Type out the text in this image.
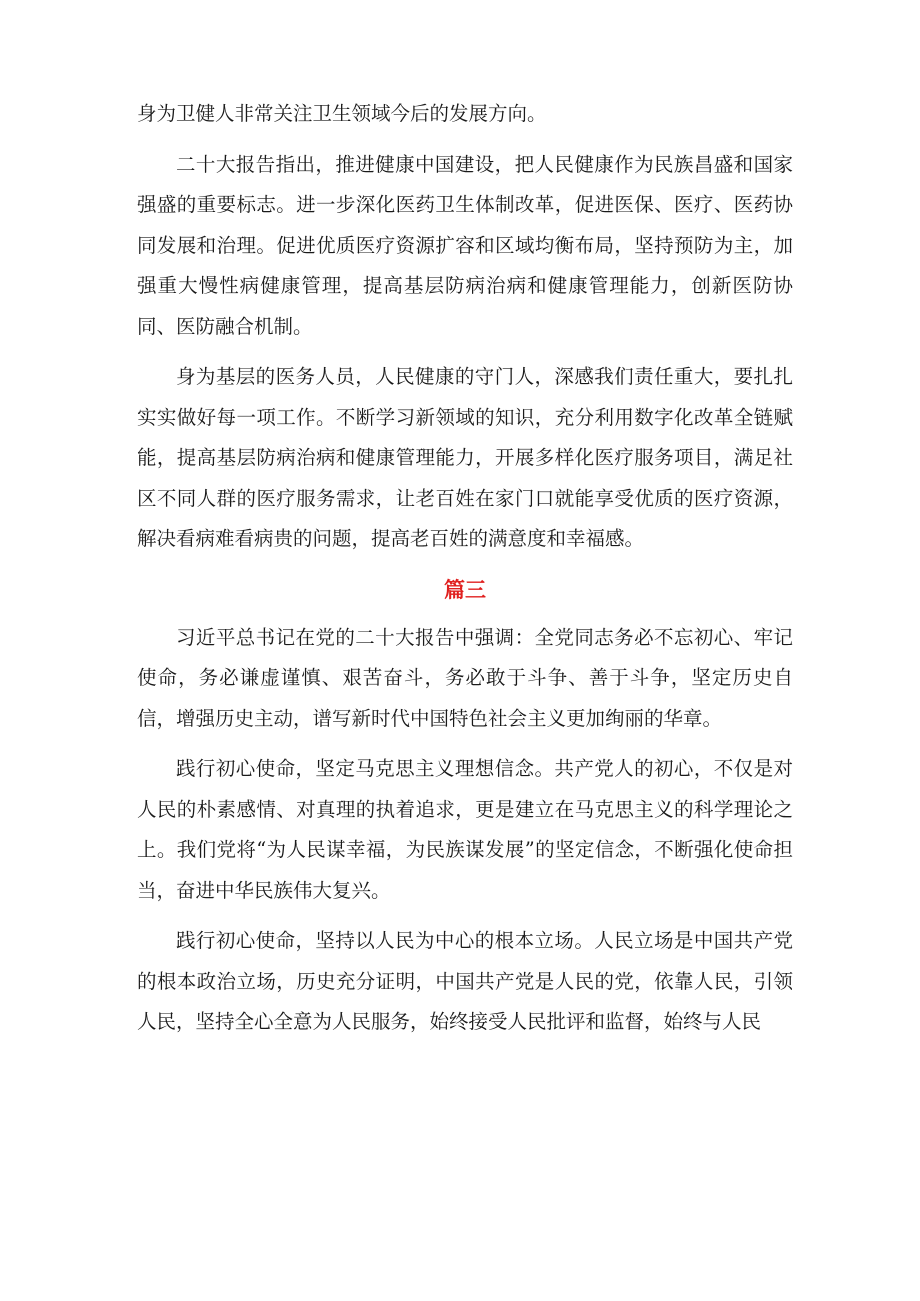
身为卫健人非常关注卫生领域今后的发展方向。

二十大报告指出，推进健康中国建设，把人民健康作为民族昌盛和国家强盛的重要标志。进一步深化医药卫生体制改革，促进医保、医疗、医药协同发展和治理。促进优质医疗资源扩容和区域均衡布局，坚持预防为主，加强重大慢性病健康管理，提高基层防病治病和健康管理能力，创新医防协同、医防融合机制。

身为基层的医务人员，人民健康的守门人，深感我们责任重大，要扎扎实实做好每一项工作。不断学习新领域的知识，充分利用数字化改革全链赋能，提高基层防病治病和健康管理能力，开展多样化医疗服务项目，满足社区不同人群的医疗服务需求，让老百姓在家门口就能享受优质的医疗资源，解决看病难看病贵的问题，提高老百姓的满意度和幸福感。

篇三

习近平总书记在党的二十大报告中强调：全党同志务必不忘初心、牢记使命，务必谦虚谨慎、艰苦奋斗，务必敢于斗争、善于斗争，坚定历史自信，增强历史主动，谱写新时代中国特色社会主义更加绚丽的华章。

践行初心使命，坚定马克思主义理想信念。共产党人的初心，不仅是对人民的朴素感情、对真理的执着追求，更是建立在马克思主义的科学理论之上。我们党将“为人民谋幸福，为民族谋发展”的坚定信念，不断强化使命担当，奋进中华民族伟大复兴。

践行初心使命，坚持以人民为中心的根本立场。人民立场是中国共产党的根本政治立场，历史充分证明，中国共产党是人民的党，依靠人民，引领人民，坚持全心全意为人民服务，始终接受人民批评和监督，始终与人民
